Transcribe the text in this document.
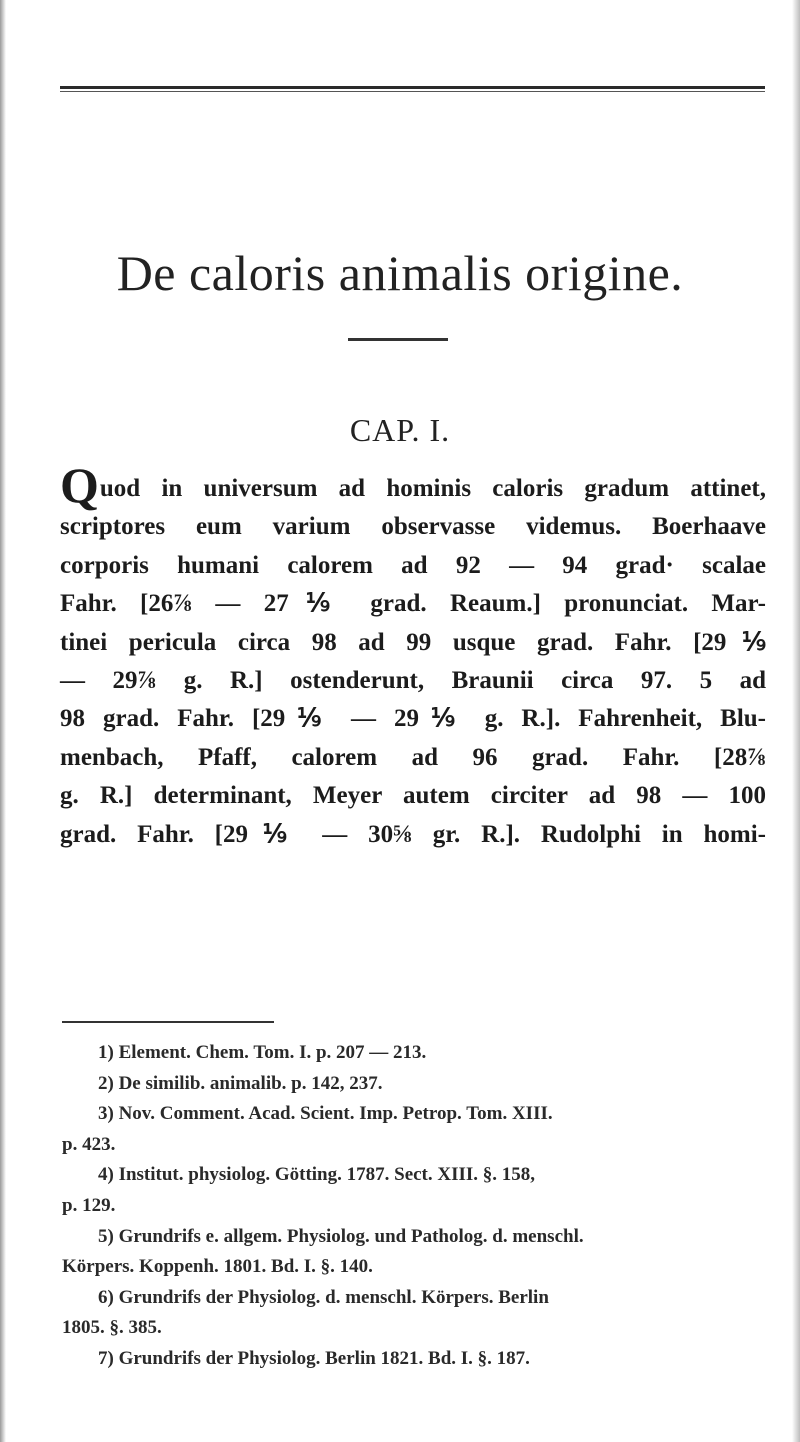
De caloris animalis origine.
CAP. I.
Quod in universum ad hominis caloris gradum attinet,
scriptores eum varium observasse videmus. Boerhaave
corporis humani calorem ad 92 — 94 grad· scalae
Fahr. [26⅞ — 27⅑ grad. Reaum.] pronunciat. Mar-
tinei pericula circa 98 ad 99 usque grad. Fahr. [29⅑
— 29⅞ g. R.] ostenderunt, Braunii circa 97. 5 ad
98 grad. Fahr. [29⅑ — 29⅑ g. R.]. Fahrenheit, Blu-
menbach, Pfaff, calorem ad 96 grad. Fahr. [28⅞
g. R.] determinant, Meyer autem circiter ad 98 — 100
grad. Fahr. [29⅑ — 30⅝ gr. R.]. Rudolphi in homi-
1) Element. Chem. Tom. I. p. 207 — 213.
2) De similib. animalib. p. 142, 237.
3) Nov. Comment. Acad. Scient. Imp. Petrop. Tom. XIII.
p. 423.
4) Institut. physiolog. Götting. 1787. Sect. XIII. §. 158,
p. 129.
5) Grundrifs e. allgem. Physiolog. und Patholog. d. menschl.
Körpers. Koppenh. 1801. Bd. I. §. 140.
6) Grundrifs der Physiolog. d. menschl. Körpers. Berlin
1805. §. 385.
7) Grundrifs der Physiolog. Berlin 1821. Bd. I. §. 187.
